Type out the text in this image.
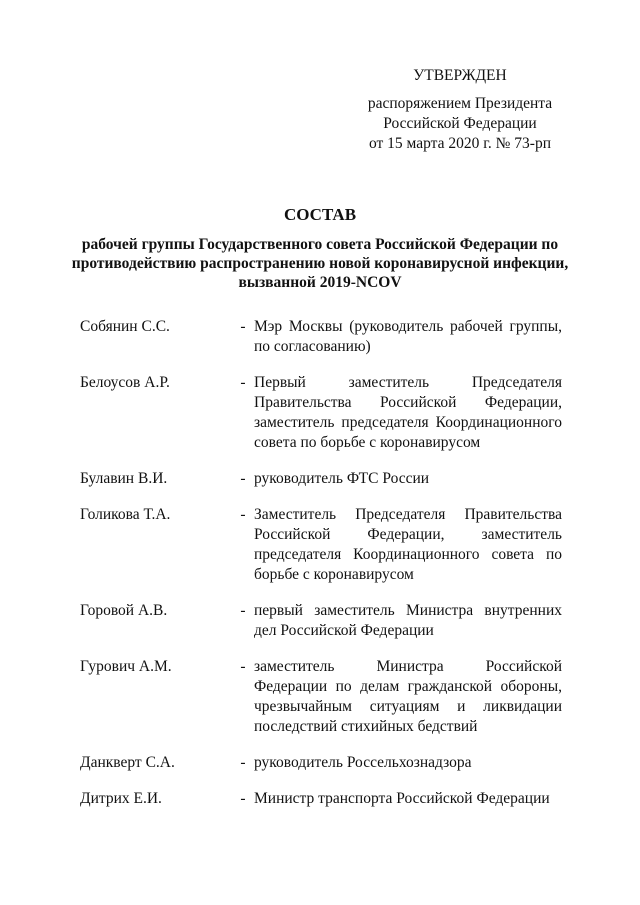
УТВЕРЖДЕН
распоряжением Президента
Российской Федерации
от 15 марта 2020 г. № 73-рп
СОСТАВ
рабочей группы Государственного совета Российской Федерации по противодействию распространению новой коронавирусной инфекции, вызванной 2019-NCOV
Собянин С.С.	- Мэр Москвы (руководитель рабочей группы, по согласованию)
Белоусов А.Р.	- Первый заместитель Председателя Правительства Российской Федерации, заместитель председателя Координационного совета по борьбе с коронавирусом
Булавин В.И.	- руководитель ФТС России
Голикова Т.А.	- Заместитель Председателя Правительства Российской Федерации, заместитель председателя Координационного совета по борьбе с коронавирусом
Горовой А.В.	- первый заместитель Министра внутренних дел Российской Федерации
Гурович А.М.	- заместитель Министра Российской Федерации по делам гражданской обороны, чрезвычайным ситуациям и ликвидации последствий стихийных бедствий
Данкверт С.А.	- руководитель Россельхознадзора
Дитрих Е.И.	- Министр транспорта Российской Федерации
